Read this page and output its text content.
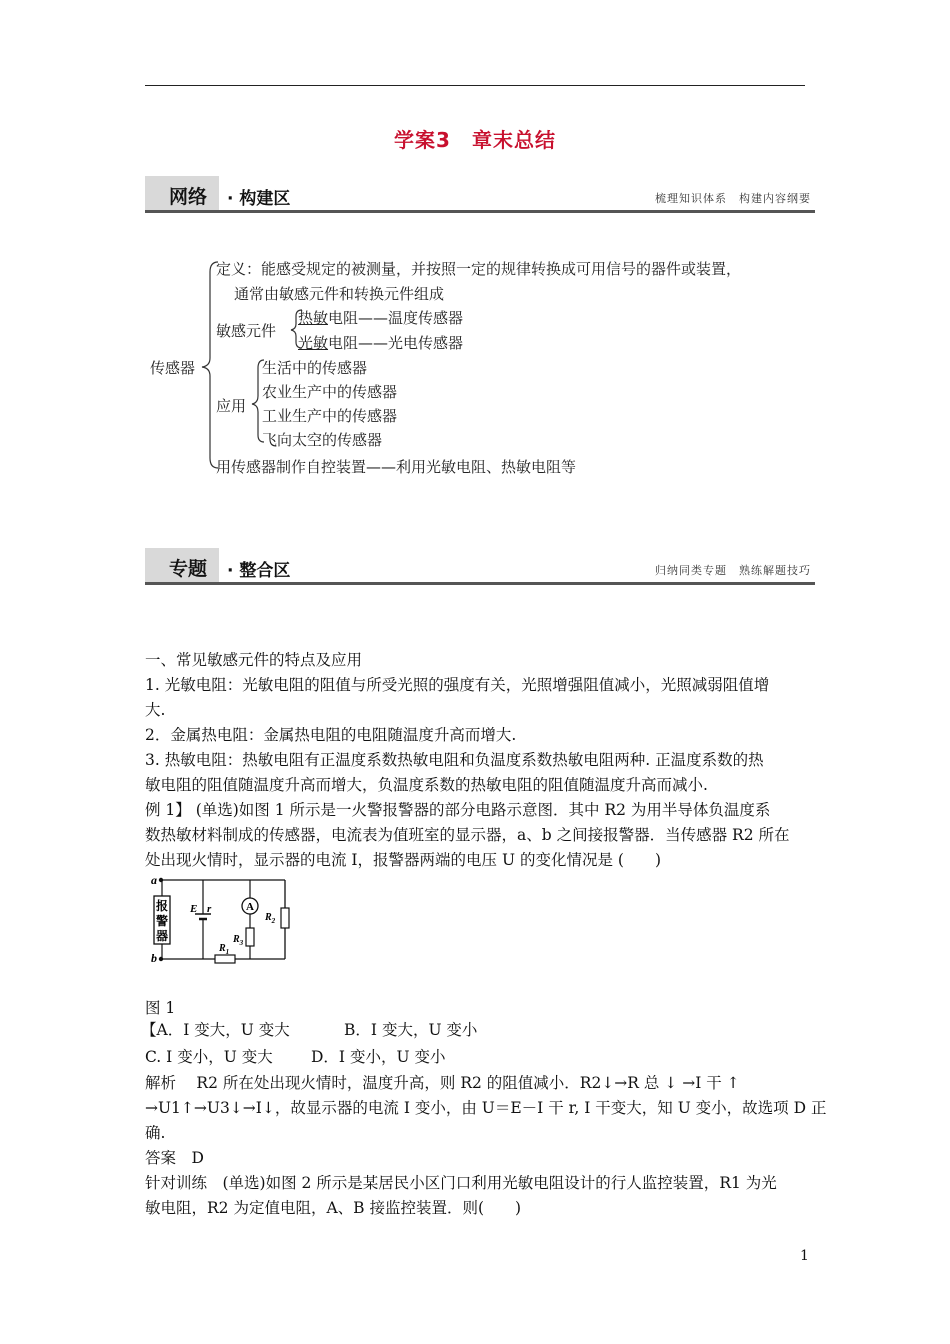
学案3　章末总结
网络 · 构建区	梳理知识体系　构建内容纲要
传感器
定义：能感受规定的被测量，并按照一定的规律转换成可用信号的器件或装置，
通常由敏感元件和转换元件组成
敏感元件
热敏电阻——温度传感器
光敏电阻——光电传感器
应用
生活中的传感器
农业生产中的传感器
工业生产中的传感器
飞向太空的传感器
用传感器制作自控装置——利用光敏电阻、热敏电阻等
专题 · 整合区	归纳同类专题　熟练解题技巧
一、常见敏感元件的特点及应用
1. 光敏电阻：光敏电阻的阻值与所受光照的强度有关，光照增强阻值减小，光照减弱阻值增
大.
2．金属热电阻：金属热电阻的电阻随温度升高而增大.
3. 热敏电阻：热敏电阻有正温度系数热敏电阻和负温度系数热敏电阻两种. 正温度系数的热
敏电阻的阻值随温度升高而增大，负温度系数的热敏电阻的阻值随温度升高而减小.
例 1】 (单选)如图 1 所示是一火警报警器的部分电路示意图．其中 R2 为用半导体负温度系
数热敏材料制成的传感器，电流表为值班室的显示器，a、b 之间接报警器．当传感器 R2 所在
处出现火情时，显示器的电流 I，报警器两端的电压 U 的变化情况是 (　　)
a
b
报
警
器
E r	A
$R_3$
$R_2$
$R_1$
图 1
【A．I 变大，U 变大	B．I 变大，U 变小
C. I 变小，U 变大 D．I 变小，U 变小
解析　 R2 所在处出现火情时，温度升高，则 R2 的阻值减小．R2↓→R 总 ↓ →I 干 ↑
→U1↑→U3↓→I↓，故显示器的电流 I 变小，由 U＝E－I 干 r, I 干变大，知 U 变小，故选项 D 正
确.
答案　D
针对训练　(单选)如图 2 所示是某居民小区门口利用光敏电阻设计的行人监控装置，R1 为光
敏电阻，R2 为定值电阻，A、B 接监控装置．则(　　)
1
